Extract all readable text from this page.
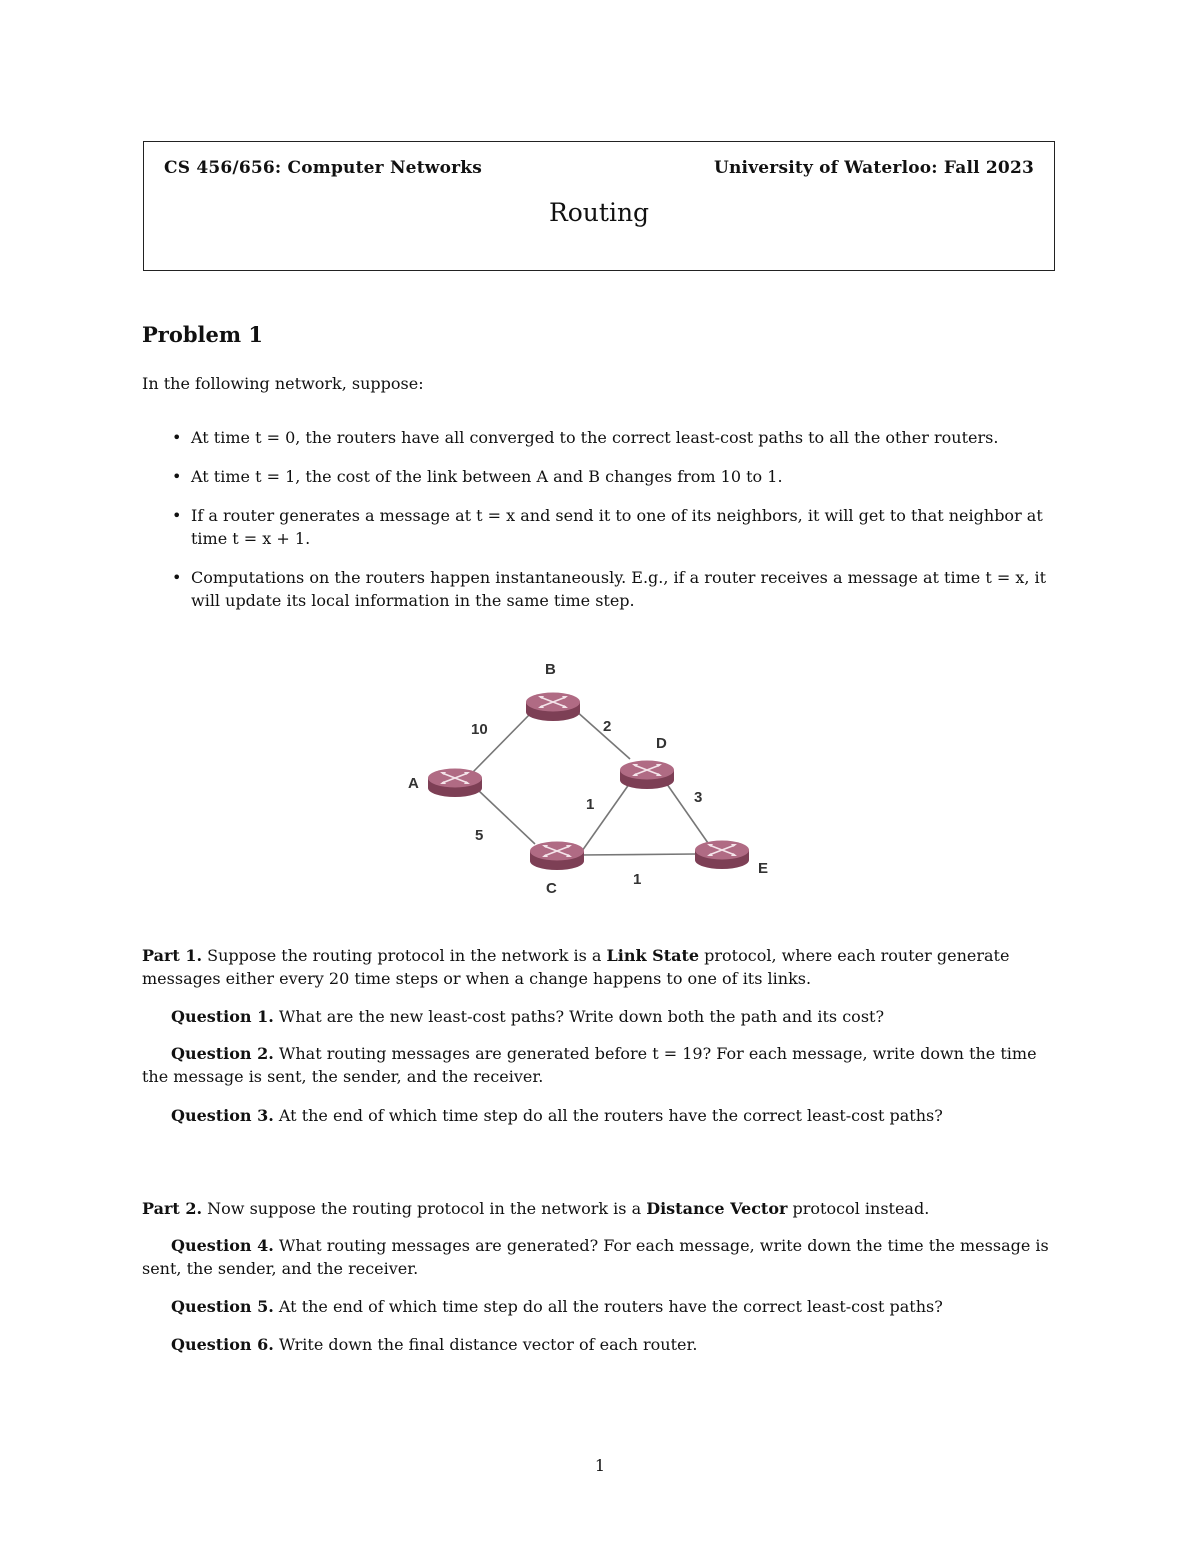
CS 456/656: Computer Networks	University of Waterloo: Fall 2023
Routing
Problem 1

In the following network, suppose:

• At time t = 0, the routers have all converged to the correct least-cost paths to all the other routers.
• At time t = 1, the cost of the link between A and B changes from 10 to 1.
• If a router generates a message at t = x and send it to one of its neighbors, it will get to that neighbor at time t = x + 1.
• Computations on the routers happen instantaneously. E.g., if a router receives a message at time t = x, it will update its local information in the same time step.
B
A
D
C
E
10	2
5
1	3
1

Part 1. Suppose the routing protocol in the network is a Link State protocol, where each router generate messages either every 20 time steps or when a change happens to one of its links.

Question 1. What are the new least-cost paths? Write down both the path and its cost?

Question 2. What routing messages are generated before t = 19? For each message, write down the time the message is sent, the sender, and the receiver.

Question 3. At the end of which time step do all the routers have the correct least-cost paths?

Part 2. Now suppose the routing protocol in the network is a Distance Vector protocol instead.

Question 4. What routing messages are generated? For each message, write down the time the message is sent, the sender, and the receiver.

Question 5. At the end of which time step do all the routers have the correct least-cost paths?

Question 6. Write down the final distance vector of each router.

1
